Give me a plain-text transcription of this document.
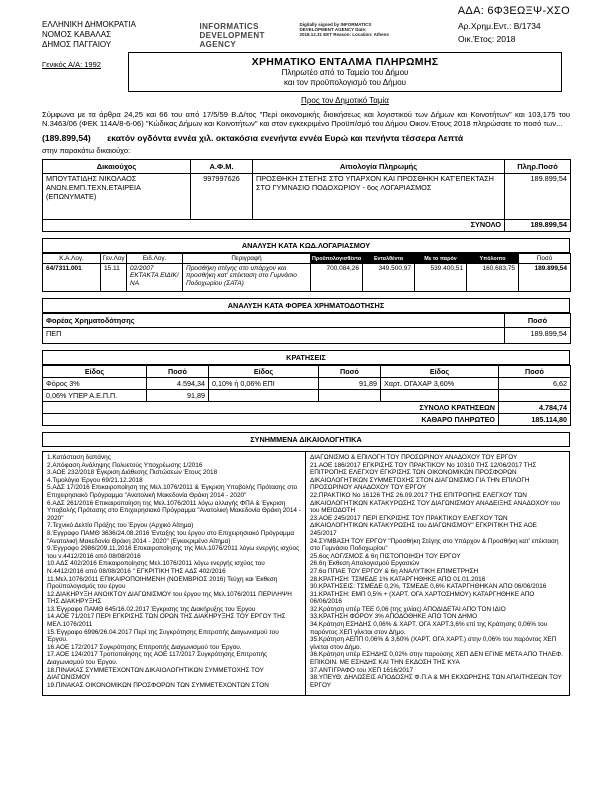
ΑΔΑ: 6Φ3ΕΩΞΨ-ΧΣΟ
ΕΛΛΗΝΙΚΗ ΔΗΜΟΚΡΑΤΙΑ
ΝΟΜΟΣ ΚΑΒΑΛΑΣ
ΔΗΜΟΣ ΠΑΓΓΑΙΟΥ
INFORMATICS DEVELOPMENT AGENCY
Digitally signed by INFORMATICS DEVELOPMENT AGENCY Date: 2018.12.31 EET Reason: Location: Athens
Αρ.Χρημ.Εντ.: Β/1734
Οικ.Έτος: 2018
Γενικός Α/Α: 1992	ΧΡΗΜΑΤΙΚΟ ΕΝΤΑΛΜΑ ΠΛΗΡΩΜΗΣ
Πληρωτέο από το Ταμείο του Δήμου
και τον προϋπολογισμό του Δήμου
Προς τον Δημοτικό Ταμία
Σύμφωνα με τα άρθρα 24,25 και 66 του από 17/5/59 Β.Δ/τος "Περί οικονομικής διοικήσεως και λογιστικού των Δήμων και Κοινοτήτων" και 103,175 του Ν.3463/06 (ΦΕΚ 114Α/8-6-06) "Κώδικας Δήμων και Κοινοτήτων" και στον εγκεκριμένο Προϋπ/σμό του Δήμου Οικον.Έτους 2018 πληρώσατε το ποσό των...
(189.899,54) εκατόν ογδόντα εννέα χιλ. οκτακόσια ενενήντα εννέα Ευρώ και πενήντα τέσσερα Λεπτά
στην παρακάτω δικαιούχο:
Δικαιούχος	Α.Φ.Μ.	Αιτιολογία Πληρωμής	Πληρ.Ποσό
ΜΠΟΥΤΑΤΙΔΗΣ ΝΙΚΟΛΑΟΣ ΑΝΩΝ.ΕΜΠ.ΤΕΧΝ.ΕΤΑΙΡΕΙΑ (ΕΠΩΝΥΜΑΤΕ)	997997626	ΠΡΟΣΘΗΚΗ ΣΤΕΓΗΣ ΣΤΟ ΥΠΑΡΧΟΝ ΚΑΙ ΠΡΟΣΘΗΚΗ ΚΑΤ'ΕΠΕΚΤΑΣΗ ΣΤΟ ΓΥΜΝΑΣΙΟ ΠΟΔΟΧΩΡΙΟΥ - 6ος ΛΟΓΑΡΙΑΣΜΟΣ	189.899,54
ΣΥΝΟΛΟ			189.899,54
ΑΝΑΛΥΣΗ ΚΑΤΑ ΚΩΔ.ΛΟΓΑΡΙΑΣΜΟΥ
Κ.Α.Λογ.	Γεν.Λογ	Ειδ.Λογ.	Περιγραφή	Προϋπολογισθέντα	Ενταλθέντα	Με το παρόν	Υπόλοιπο	Ποσό
64/7311.001	15.11	02/2007 ΕΚΤΑΚΤΑ ΕΙΔΙΚ/ΝΑ	Προσθήκη στέγης στο υπάρχον και προσθήκη κατ' επέκταση στο Γυμνάσιο Ποδοχωρίου (ΣΑΤΑ)	700.084,26	349.500,97	539.400,51	160.683,75	189.899,54
ΑΝΑΛΥΣΗ ΚΑΤΑ ΦΟΡΕΑ ΧΡΗΜΑΤΟΔΟΤΗΣΗΣ
Φορέας Χρηματοδότησης	Ποσό
ΠΕΠ	189.899,54
ΚΡΑΤΗΣΕΙΣ
Είδος	Ποσό	Είδος	Ποσό	Είδος	Ποσό
Φόρος 3%	4.594,34	0,10% ή 0,06% ΕΠΙ	91,89	Χαρτ. ΟΓΑΧΑΡ 3,60%	6,62
0,06% ΥΠΕΡ Α.Ε.Π.Π.	91,89				
ΣΥΝΟΛΟ ΚΡΑΤΗΣΕΩΝ					4.784,74
ΚΑΘΑΡΟ ΠΛΗΡΩΤΕΟ					185.114,80
ΣΥΝΗΜΜΕΝΑ ΔΙΚΑΙΟΛΟΓΗΤΙΚΑ
1.Κατάσταση δαπάνης
2.Απόφαση Ανάληψης Πολυετούς Υποχρέωσης 1/2016
3.ΑΟΕ 232/2018 Έγκριση Διάθεσης Πιστώσεων Έτους 2018
4.Τιμολόγιο Έργου 69/21.12.2018
5.ΑΔΣ 17/2016 Επικαιροποίηση της Μελ.1076/2011 & Έγκριση Υποβολής Πρότασης στο Επιχειρησιακό Πρόγραμμα "Ανατολική Μακεδονία Θράκη 2014 - 2020"
6.ΑΔΣ 261/2016 Επικαιροποίηση της Μελ.1076/2011 λόγω αλλαγής ΦΠΑ & Έγκριση Υποβολής Πρότασης στο Επιχειρησιακό Πρόγραμμα "Ανατολική Μακεδονία Θράκη 2014 - 2020"
7.Τεχνικό Δελτίο Πράξης του Έργου (Αρχικό Αίτημα)
8.Έγγραφο ΠΑΜΘ 3636/24.08.2016 Ένταξης του έργου στο Επιχειρησιακό Πρόγραμμα "Ανατολική Μακεδονία Θράκη 2014 - 2020" (Εγκεκριμένο Αίτημα)
9.Έγγραφο 2986/209.11.2016 Επικαιροποίησης της Μελ.1076/2011 λόγω ενεργής ισχύος του ν.4412/2016 από 08/08/2016
10.ΑΔΣ 402/2016 Επικαιροποίησης Μελ.1076/2011 λόγω ενεργής ισχύος του Ν.4412/2016 από 08/08/2016 " ΕΓΚΡΙΤΙΚΗ ΤΗΣ ΑΔΣ 402/2016
11.Μελ.1076/2011 ΕΠΙΚΑΙΡΟΠΟΙΗΜΕΝΗ (ΝΟΕΜΒΡΙΟΣ 2016) Τεύχη και Έκθεση Προϋπολογισμός του έργου
12.ΔΙΑΚΗΡΥΞΗ ΑΝΟΙΚΤΟΥ ΔΙΑΓΩΝΙΣΜΟΥ του έργου της Μελ.1076/2011 ΠΕΡΙΛΗΨΗ ΤΗΣ ΔΙΑΚΗΡΥΞΗΣ
13.Έγγραφο ΠΑΜΘ 645/16.02.2017 Έγκρισης της Διακήρυξης του Έργου
14.ΑΟΕ 71/2017 ΠΕΡΙ ΕΓΚΡΙΣΗΣ ΤΩΝ ΟΡΩΝ ΤΗΣ ΔΙΑΚΗΡΥΞΗΣ ΤΟΥ ΕΡΓΟΥ ΤΗΣ ΜΕΛ.1076/2011
15.Έγγραφο 6996/26.04.2017 Περί της Συγκρότησης Επιτροπής Διαγωνισμού του Έργου.
16.ΑΟΕ 172/2017 Συγκρότησης Επιτροπής Διαγωνισμού του Έργου.
17.ΑΟΕ 124/2017 Τροποποίησης της ΑΟΕ 117/2017 Συγκρότησης Επιτροπής Διαγωνισμού του Έργου.
18.ΠΙΝΑΚΑΣ ΣΥΜΜΕΤΕΧΟΝΤΩΝ ΔΙΚΑΙΟΛΟΓΗΤΙΚΩΝ ΣΥΜΜΕΤΟΧΗΣ ΤΟΥ ΔΙΑΓΩΝΙΣΜΟΥ
19.ΠΙΝΑΚΑΣ ΟΙΚΟΝΟΜΙΚΩΝ ΠΡΟΣΦΟΡΩΝ ΤΩΝ ΣΥΜΜΕΤΕΧΟΝΤΩΝ ΣΤΟΝ
ΔΙΑΓΩΝΙΣΜΟ & ΕΠΙΛΟΓΗ ΤΟΥ ΠΡΟΣΩΡΙΝΟΥ ΑΝΑΔΟΧΟΥ ΤΟΥ ΕΡΓΟΥ
21.ΑΟΕ 186/2017 ΕΓΚΡΙΣΗΣ ΤΟΥ ΠΡΑΚΤΙΚΟΥ Νο 10310 ΤΗΣ 12/06/2017 ΤΗΣ ΕΠΙΤΡΟΠΗΣ ΕΛΕΓΧΟΥ ΕΓΚΡΙΣΗΣ ΤΩΝ ΟΙΚΟΝΟΜΙΚΩΝ ΠΡΟΣΦΟΡΩΝ ΔΙΚΑΙΟΛΟΓΗΤΙΚΩΝ ΣΥΜΜΕΤΟΧΗΣ ΣΤΟΝ ΔΙΑΓΩΝΙΣΜΟ ΓΙΑ ΤΗΝ ΕΠΙΛΟΓΗ ΠΡΟΣΩΡΙΝΟΥ ΑΝΑΔΟΧΟΥ ΤΟΥ ΕΡΓΟΥ
22.ΠΡΑΚΤΙΚΟ Νο 16126 ΤΗΣ 26.09.2017 ΤΗΣ ΕΠΙΤΡΟΠΗΣ ΕΛΕΓΧΟΥ ΤΩΝ ΔΙΚΑΙΟΛΟΓΗΤΙΚΩΝ ΚΑΤΑΚΥΡΩΣΗΣ ΤΟΥ ΔΙΑΓΩΝΙΣΜΟΥ ΑΝΑΔΕΙΞΗΣ ΑΝΑΔΟΧΟΥ του του ΜΕΙΟΔΟΤΗ
23.ΑΟΕ 245/2017 ΠΕΡΙ ΕΓΚΡΙΣΗΣ ΤΟΥ ΠΡΑΚΤΙΚΟΥ ΕΛΕΓΧΟΥ ΤΩΝ ΔΙΚΑΙΟΛΟΓΗΤΙΚΩΝ ΚΑΤΑΚΥΡΩΣΗΣ του ΔΙΑΓΩΝΙΣΜΟΥ" ΕΓΚΡΙΤΙΚΗ ΤΗΣ ΑΟΕ 245/2017
24.ΣΥΜΒΑΣΗ ΤΟΥ ΕΡΓΟΥ "Προσθήκη Στέγης στο Υπάρχον & Προσθήκη κατ' επέκταση στο Γυμνάσιο Ποδοχωρίου"
25.6ος ΛΟΓ/ΣΜΟΣ & 6η ΠΙΣΤΟΠΟΙΗΣΗ ΤΟΥ ΕΡΓΟΥ
26.6η Έκθεση Απολογισμού Εργασιών
27.6α ΠΠΑΕ ΤΟΥ ΕΡΓΟΥ & 6η ΑΝΑΛΥΤΙΚΗ ΕΠΙΜΕΤΡΗΣΗ
28.ΚΡΑΤΗΣΗ: ΤΣΜΕΔΕ 1% ΚΑΤΑΡΓΗΘΗΚΕ ΑΠΟ 01.01.2016
30.ΚΡΑΤΗΣΕΙΣ: ΤΣΜΕΔΕ 0,2%, ΤΣΜΕΔΕ 0,6% ΚΑΤΑΡΓΗΘΗΚΑΝ ΑΠΟ 06/06/2016
31.ΚΡΑΤΗΣΗ: ΕΜΠ 0,5% + (ΧΑΡΤ. ΟΓΑ ΧΑΡΤΟΣΗΜΟΥ) ΚΑΤΑΡΓΗΘΗΚΕ ΑΠΟ 06/06/2016
32.Κράτηση υπέρ ΤΕΕ 0,06 (της χιλίας) ΑΠΟΔΙΔΕΤΑΙ ΑΠΟ ΤΟΝ ΙΔΙΟ
33.ΚΡΑΤΗΣΗ ΦΟΡΟΥ 3% ΑΠΟΔΟΘΗΚΕ ΑΠΟ ΤΟΝ ΔΗΜΟ
34.Κράτηση ΕΣΗΔΗΣ 0,06% & ΧΑΡΤ. ΟΓΑ ΧΑΡΤ.3,6% επί της Κράτησης 0,06% του παρόντος ΧΕΠ γίνεται στον Δήμο.
35.Κράτηση ΑΕΠΠ 0,06% & 3,60% (ΧΑΡΤ. ΟΓΑ ΧΑΡΤ.) στην 0,06% του παρόντος ΧΕΠ γίνεται στον Δήμο.
36.Κράτηση υπέρ ΕΣΗΔΗΣ 0,02% στην παρούσης ΧΕΠ ΔΕΝ ΕΓΙΝΕ ΜΕΤΑ ΑΠΟ ΤΗΛΕΦ. ΕΠΙΚΟΙΝ. ΜΕ ΕΣΗΔΗΣ ΚΑΙ ΤΗΝ ΕΚΔΟΣΗ ΤΗΣ ΚΥΑ
37.ΑΝΤΙΓΡΑΦΟ του ΧΕΠ 1616/2017
38.ΥΠΕΥΘ. ΔΗΛΩΣΕΙΣ ΑΠΟΔΟΣΗΣ Φ.Π.Α & ΜΗ ΕΚΧΩΡΗΣΗΣ ΤΩΝ ΑΠΑΙΤΗΣΕΩΝ ΤΟΥ ΕΡΓΟΥ
